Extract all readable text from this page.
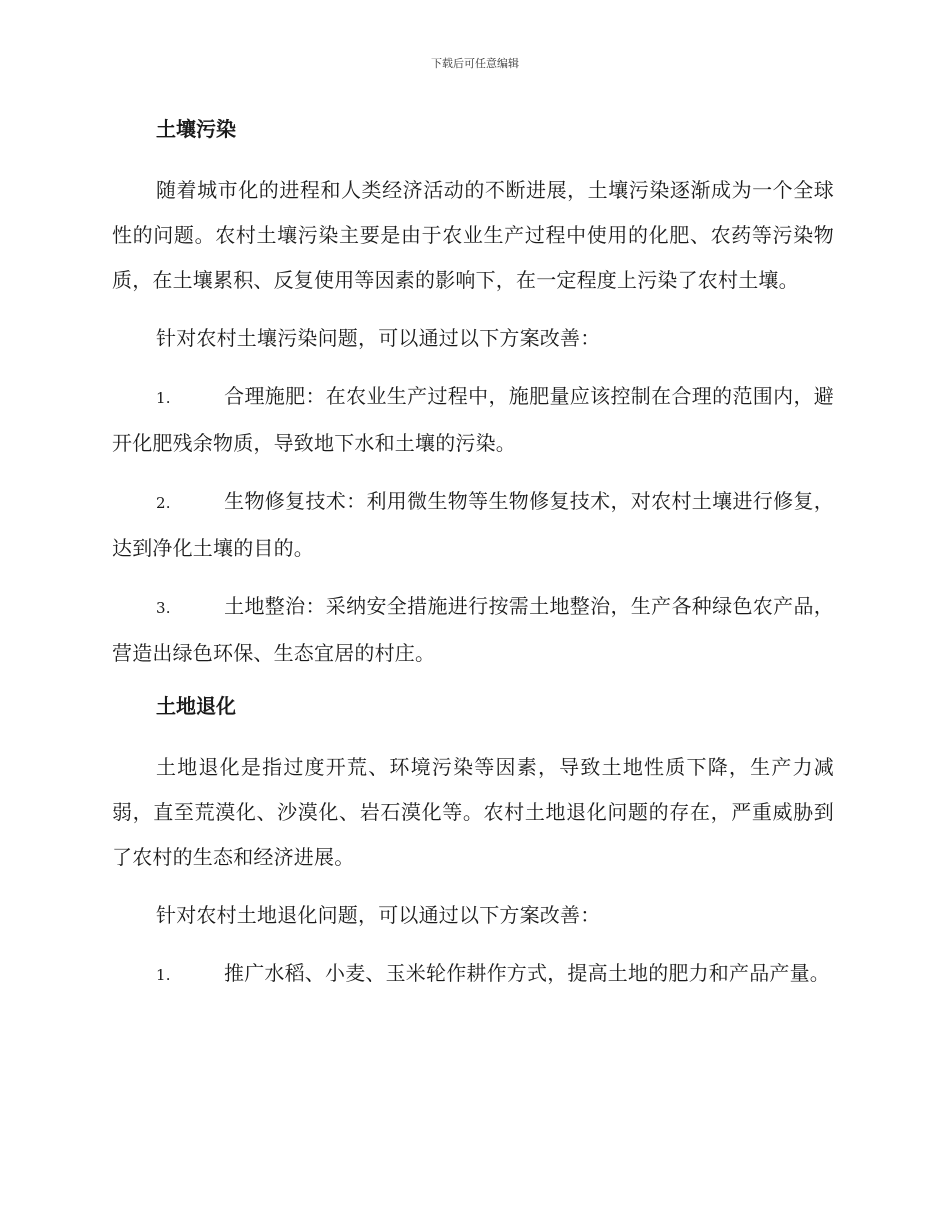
下载后可任意编辑
土壤污染

随着城市化的进程和人类经济活动的不断进展，土壤污染逐渐成为一个全球性的问题。农村土壤污染主要是由于农业生产过程中使用的化肥、农药等污染物质，在土壤累积、反复使用等因素的影响下，在一定程度上污染了农村土壤。

针对农村土壤污染问题，可以通过以下方案改善：

1.	合理施肥：在农业生产过程中，施肥量应该控制在合理的范围内，避开化肥残余物质，导致地下水和土壤的污染。

2.	生物修复技术：利用微生物等生物修复技术，对农村土壤进行修复，达到净化土壤的目的。

3.	土地整治：采纳安全措施进行按需土地整治，生产各种绿色农产品，营造出绿色环保、生态宜居的村庄。

土地退化

土地退化是指过度开荒、环境污染等因素，导致土地性质下降，生产力减弱，直至荒漠化、沙漠化、岩石漠化等。农村土地退化问题的存在，严重威胁到了农村的生态和经济进展。

针对农村土地退化问题，可以通过以下方案改善：

1.	推广水稻、小麦、玉米轮作耕作方式，提高土地的肥力和产品产量。
